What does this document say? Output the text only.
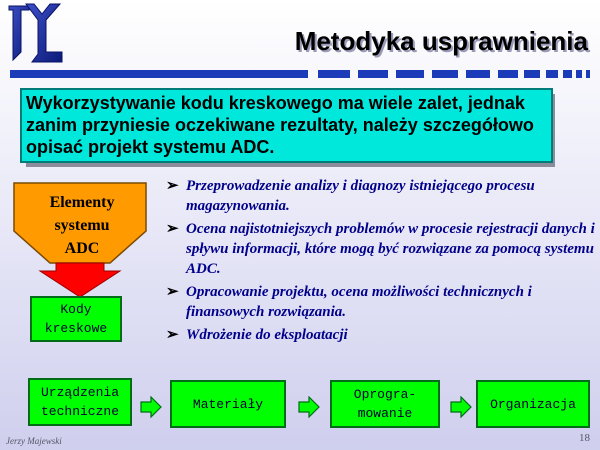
Metodyka usprawnienia
Wykorzystywanie kodu kreskowego ma wiele zalet, jednak zanim przyniesie oczekiwane rezultaty, należy szczegółowo opisać projekt systemu ADC.
Elementy
systemu
ADC
Kody
kreskowe
➢ Przeprowadzenie analizy i diagnozy istniejącego procesu magazynowania.
➢ Ocena najistotniejszych problemów w procesie rejestracji danych i spływu informacji, które mogą być rozwiązane za pomocą systemu ADC.
➢ Opracowanie projektu, ocena możliwości technicznych i finansowych rozwiązania.
➢ Wdrożenie do eksploatacji
Urządzenia
techniczne	Materiały
Oprogra-
mowanie
Organizacja
Jerzy Majewski	18
